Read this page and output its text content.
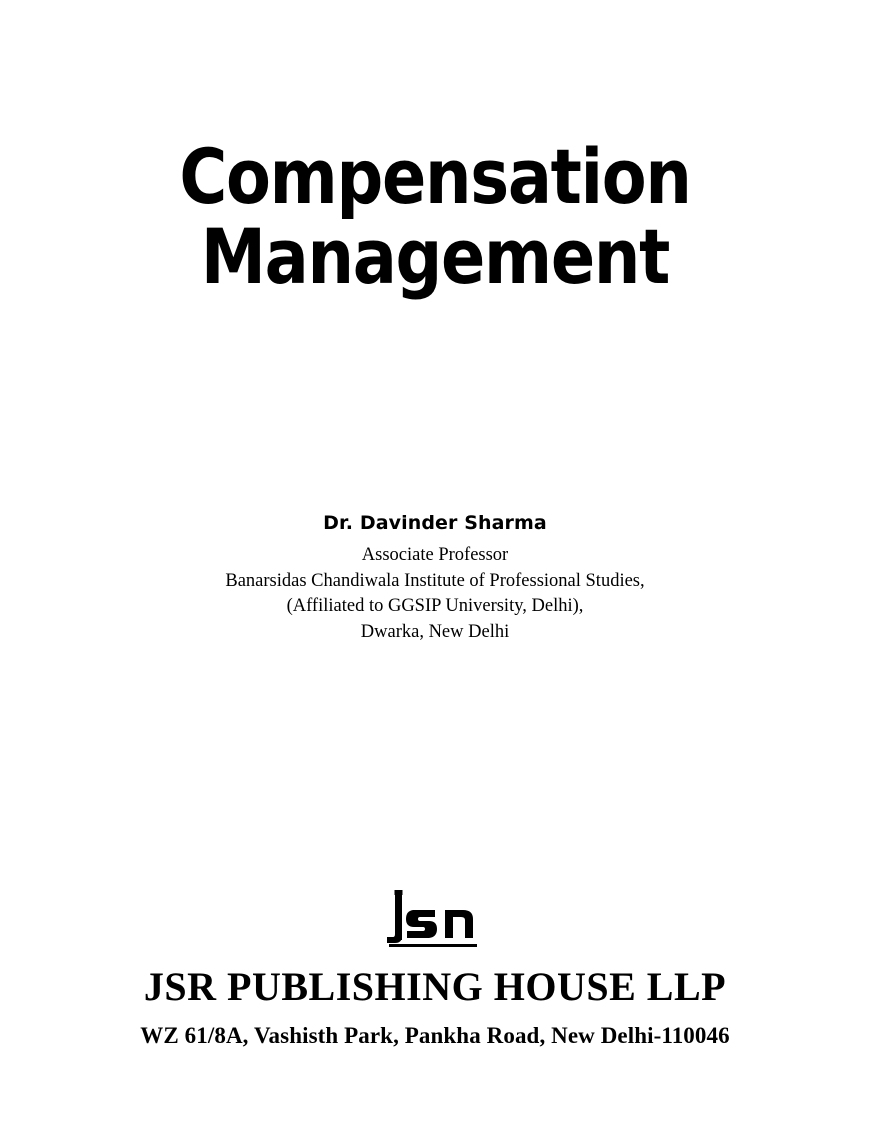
Compensation
Management
Dr. Davinder Sharma
Associate Professor
Banarsidas Chandiwala Institute of Professional Studies,
(Affiliated to GGSIP University, Delhi),
Dwarka, New Delhi
JSR PUBLISHING HOUSE LLP
WZ 61/8A, Vashisth Park, Pankha Road, New Delhi-110046
